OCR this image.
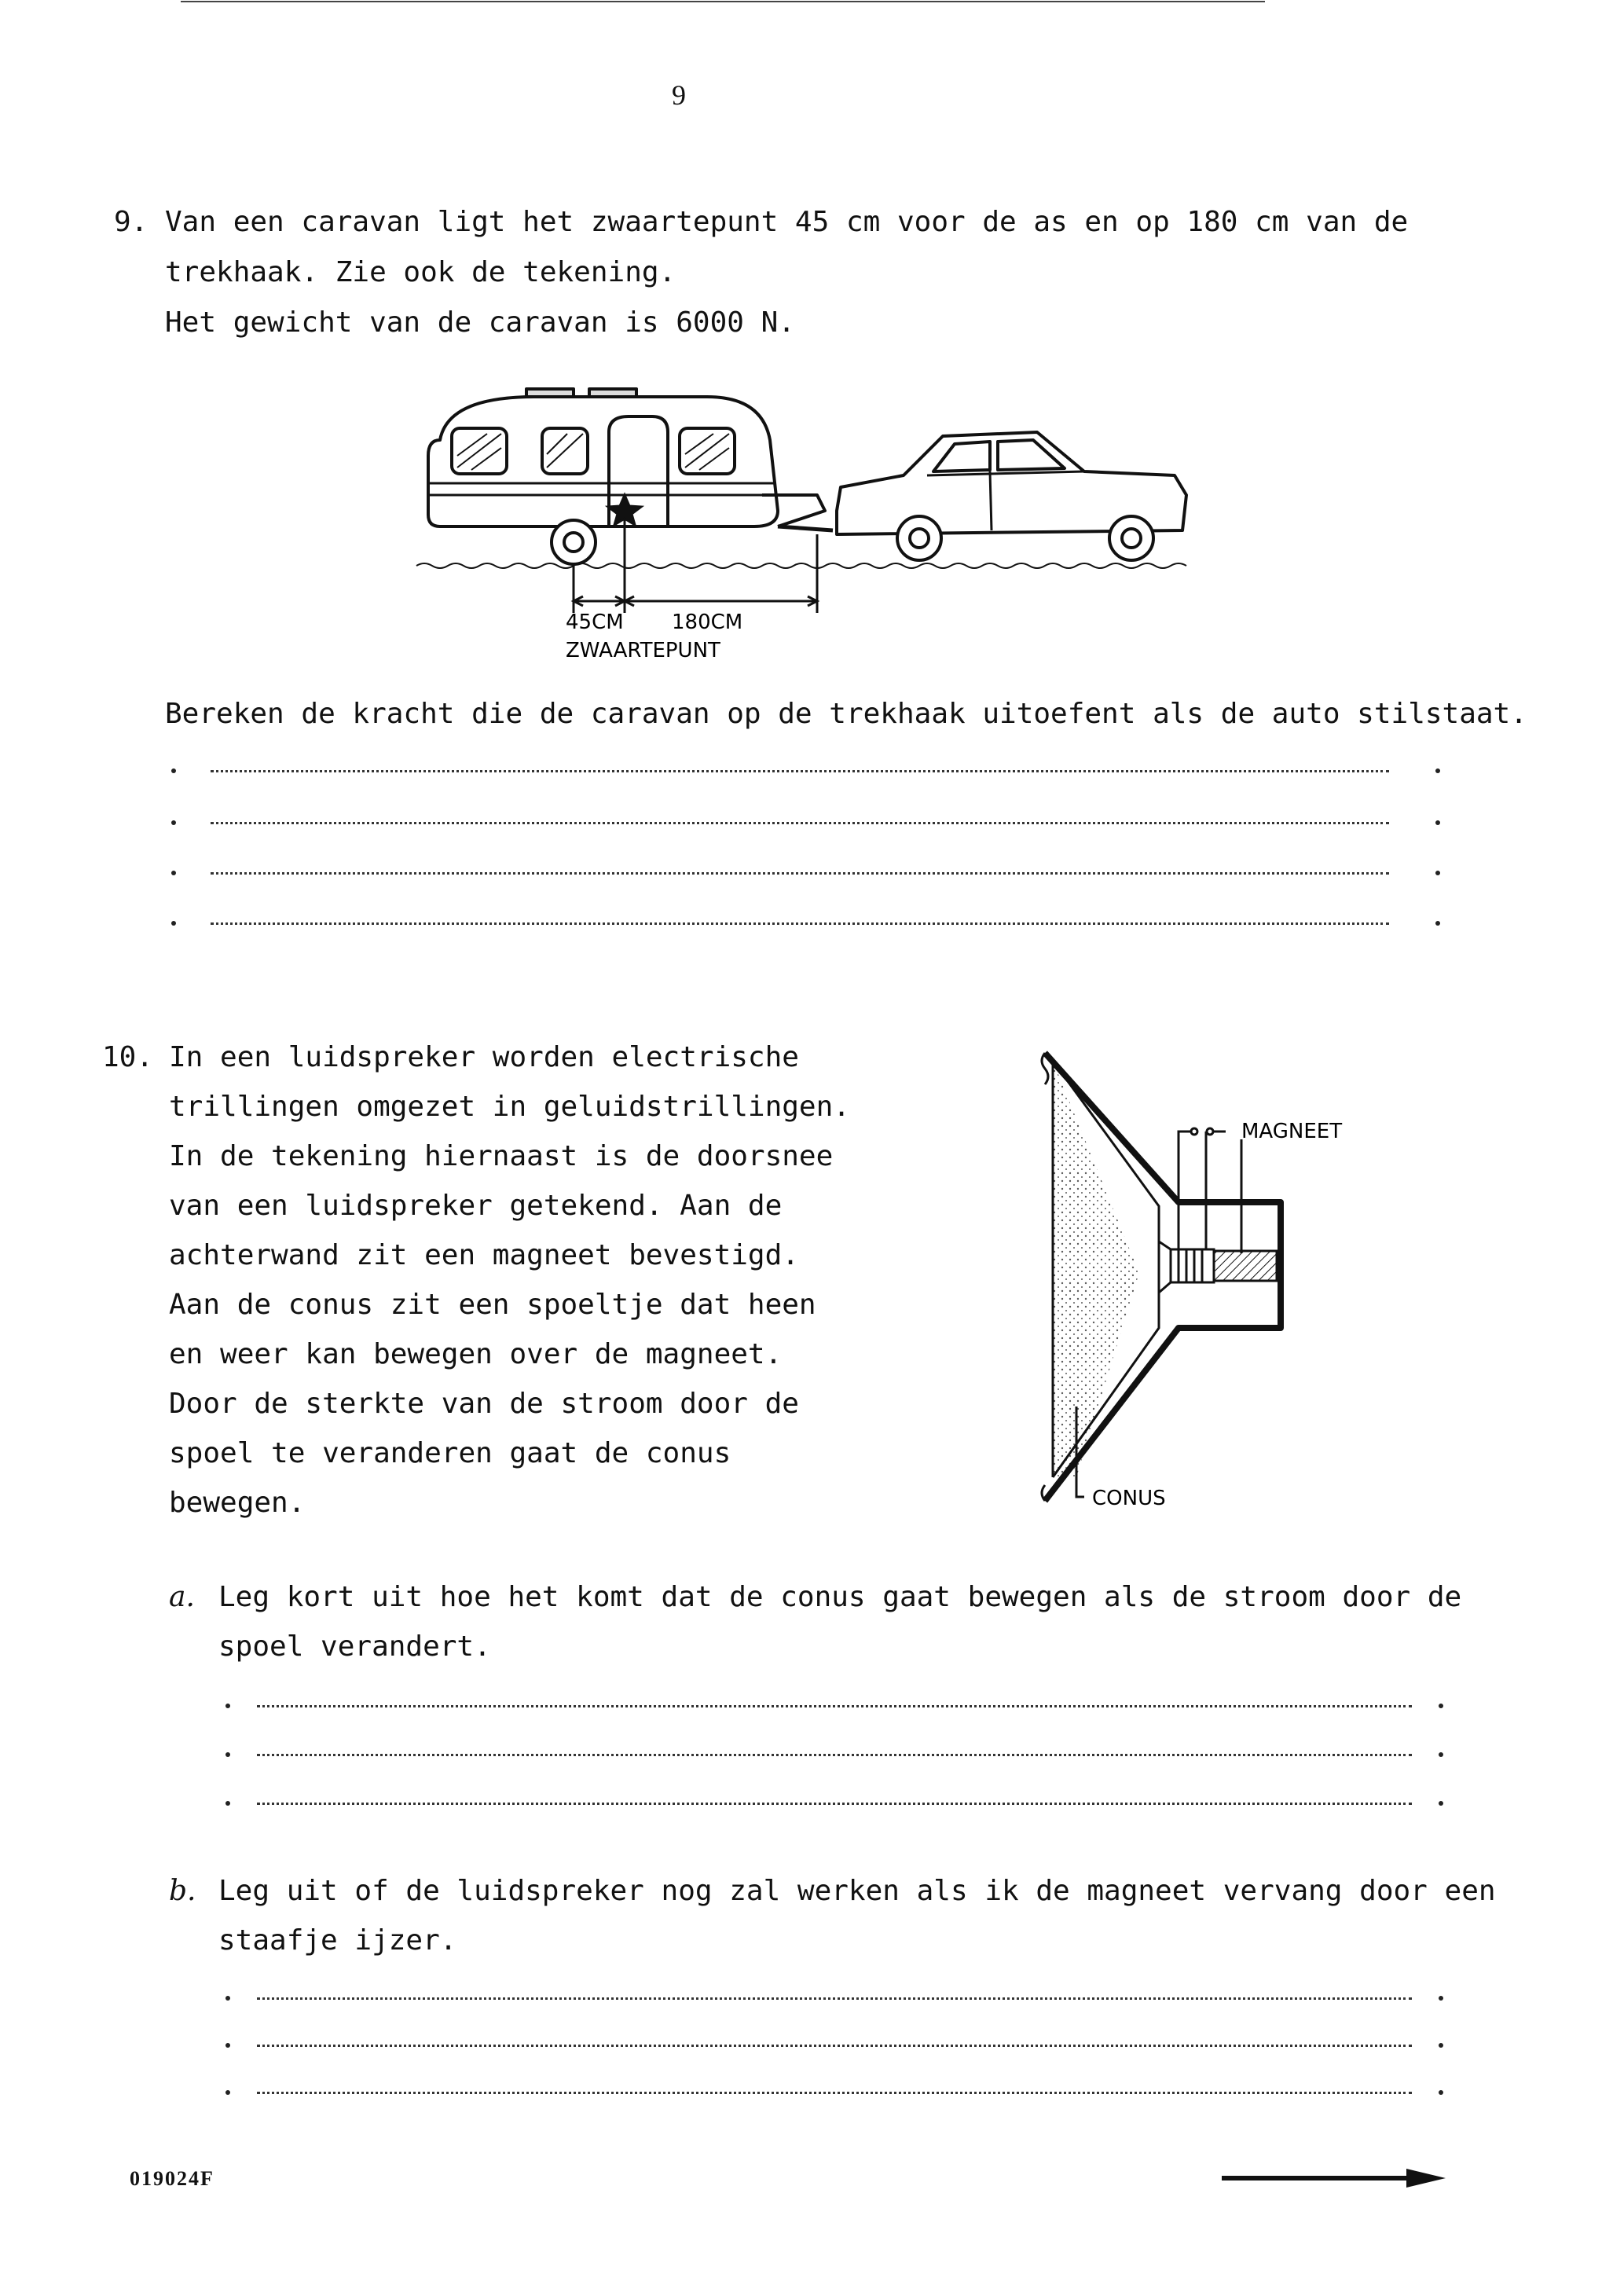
9
9. Van een caravan ligt het zwaartepunt 45 cm voor de as en op 180 cm van de
trekhaak. Zie ook de tekening.
Het gewicht van de caravan is 6000 N.
45CM 180CM
ZWAARTEPUNT
Bereken de kracht die de caravan op de trekhaak uitoefent als de auto stilstaat.
10. In een luidspreker worden electrische
trillingen omgezet in geluidstrillingen.
In de tekening hiernaast is de doorsnee
van een luidspreker getekend. Aan de
achterwand zit een magneet bevestigd.
Aan de conus zit een spoeltje dat heen
en weer kan bewegen over de magneet.
Door de sterkte van de stroom door de
spoel te veranderen gaat de conus
bewegen.
MAGNEET
CONUS
a. Leg kort uit hoe het komt dat de conus gaat bewegen als de stroom door de
spoel verandert.
b. Leg uit of de luidspreker nog zal werken als ik de magneet vervang door een
staafje ijzer.
019024F
